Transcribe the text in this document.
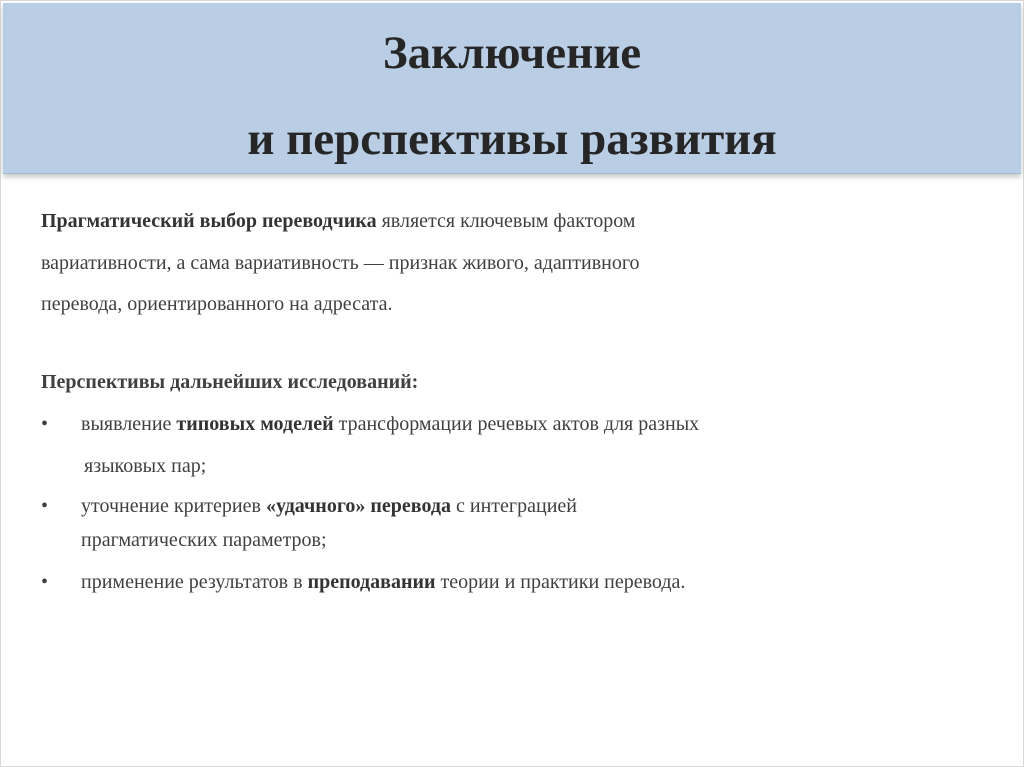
Заключение
и перспективы развития
Прагматический выбор переводчика является ключевым фактором
вариативности, а сама вариативность — признак живого, адаптивного
перевода, ориентированного на адресата.
Перспективы дальнейших исследований:
• выявление типовых моделей трансформации речевых актов для разных
языковых пар;
• уточнение критериев «удачного» перевода с интеграцией
прагматических параметров;
• применение результатов в преподавании теории и практики перевода.
